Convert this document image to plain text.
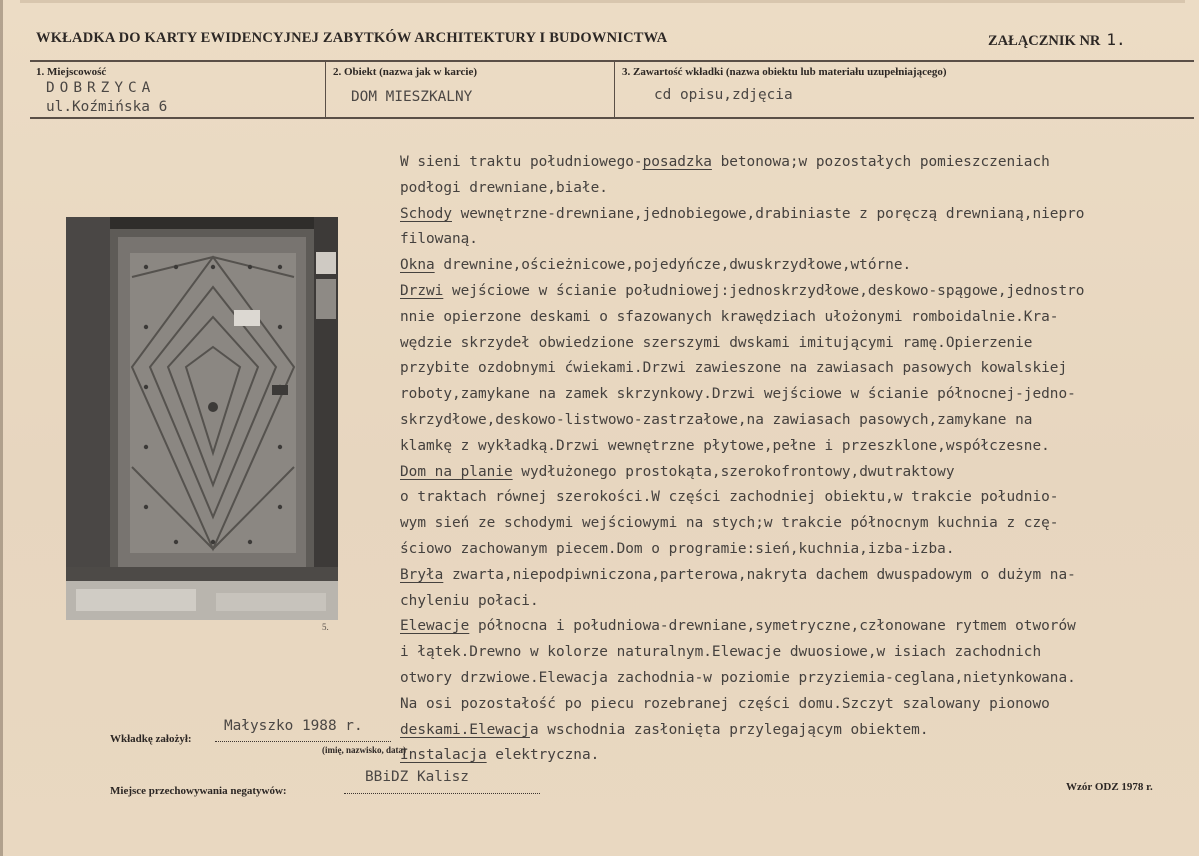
WKŁADKA DO KARTY EWIDENCYJNEJ ZABYTKÓW ARCHITEKTURY I BUDOWNICTWA	ZAŁĄCZNIK NR 1.
1. Miejscowość
DOBRZYCA
ul.Koźmińska 6
2. Obiekt (nazwa jak w karcie)
DOM MIESZKALNY
3. Zawartość wkładki (nazwa obiektu lub materiału uzupełniającego)
cd opisu,zdjęcia
5.
W sieni traktu południowego-posadzka betonowa;w pozostałych pomieszczeniach
podłogi drewniane,białe.
Schody wewnętrzne-drewniane,jednobiegowe,drabiniaste z poręczą drewnianą,niepro
filowaną.
Okna drewnine,ościeżnicowe,pojedyńcze,dwuskrzydłowe,wtórne.
Drzwi wejściowe w ścianie południowej:jednoskrzydłowe,deskowo-spągowe,jednostro
nnie opierzone deskami o sfazowanych krawędziach ułożonymi romboidalnie.Kra-
wędzie skrzydeł obwiedzione szerszymi dwskami imitującymi ramę.Opierzenie
przybite ozdobnymi ćwiekami.Drzwi zawieszone na zawiasach pasowych kowalskiej
roboty,zamykane na zamek skrzynkowy.Drzwi wejściowe w ścianie północnej-jedno-
skrzydłowe,deskowo-listwowo-zastrzałowe,na zawiasach pasowych,zamykane na
klamkę z wykładką.Drzwi wewnętrzne płytowe,pełne i przeszklone,współczesne.
Dom na planie wydłużonego prostokąta,szerokofrontowy,dwutraktowy
o traktach równej szerokości.W części zachodniej obiektu,w trakcie południo-
wym sień ze schodymi wejściowymi na stych;w trakcie północnym kuchnia z czę-
ściowo zachowanym piecem.Dom o programie:sień,kuchnia,izba-izba.
Bryła zwarta,niepodpiwniczona,parterowa,nakryta dachem dwuspadowym o dużym na-
chyleniu połaci.
Elewacje północna i południowa-drewniane,symetryczne,członowane rytmem otworów
i łątek.Drewno w kolorze naturalnym.Elewacje dwuosiowe,w isiach zachodnich
otwory drzwiowe.Elewacja zachodnia-w poziomie przyziemia-ceglana,nietynkowana.
Na osi pozostałość po piecu rozebranej części domu.Szczyt szalowany pionowo
deskami.Elewacja wschodnia zasłonięta przylegającym obiektem.
Instalacja elektryczna.
Wkładkę założył:
Małyszko 1988 r.
(imię, nazwisko, data)
Miejsce przechowywania negatywów:
BBiDZ Kalisz
Wzór ODZ 1978 r.
